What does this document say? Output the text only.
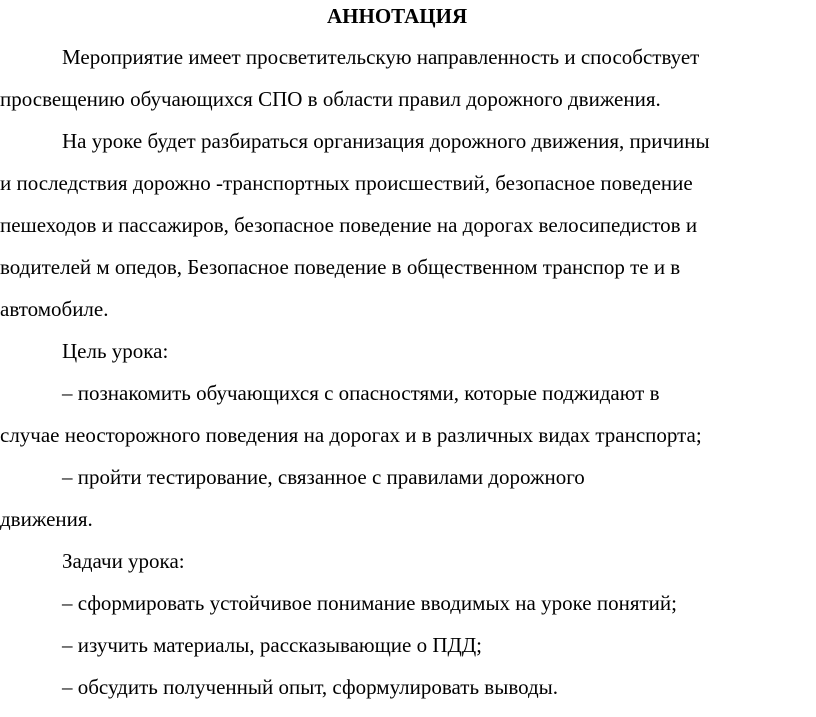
АННОТАЦИЯ
Мероприятие имеет просветительскую направленность и способствует
просвещению обучающихся СПО в области правил дорожного движения.
На уроке будет разбираться организация дорожного движения, причины
и последствия дорожно -транспортных происшествий, безопасное поведение
пешеходов и пассажиров, безопасное поведение на дорогах велосипедистов и
водителей м опедов, Безопасное поведение в общественном транспор те и в
автомобиле.
Цель урока:
– познакомить обучающихся с опасностями, которые поджидают в
случае неосторожного поведения на дорогах и в различных видах транспорта;
– пройти тестирование, связанное с правилами дорожного
движения.
Задачи урока:
– сформировать устойчивое понимание вводимых на уроке понятий;
– изучить материалы, рассказывающие о ПДД;
– обсудить полученный опыт, сформулировать выводы.
